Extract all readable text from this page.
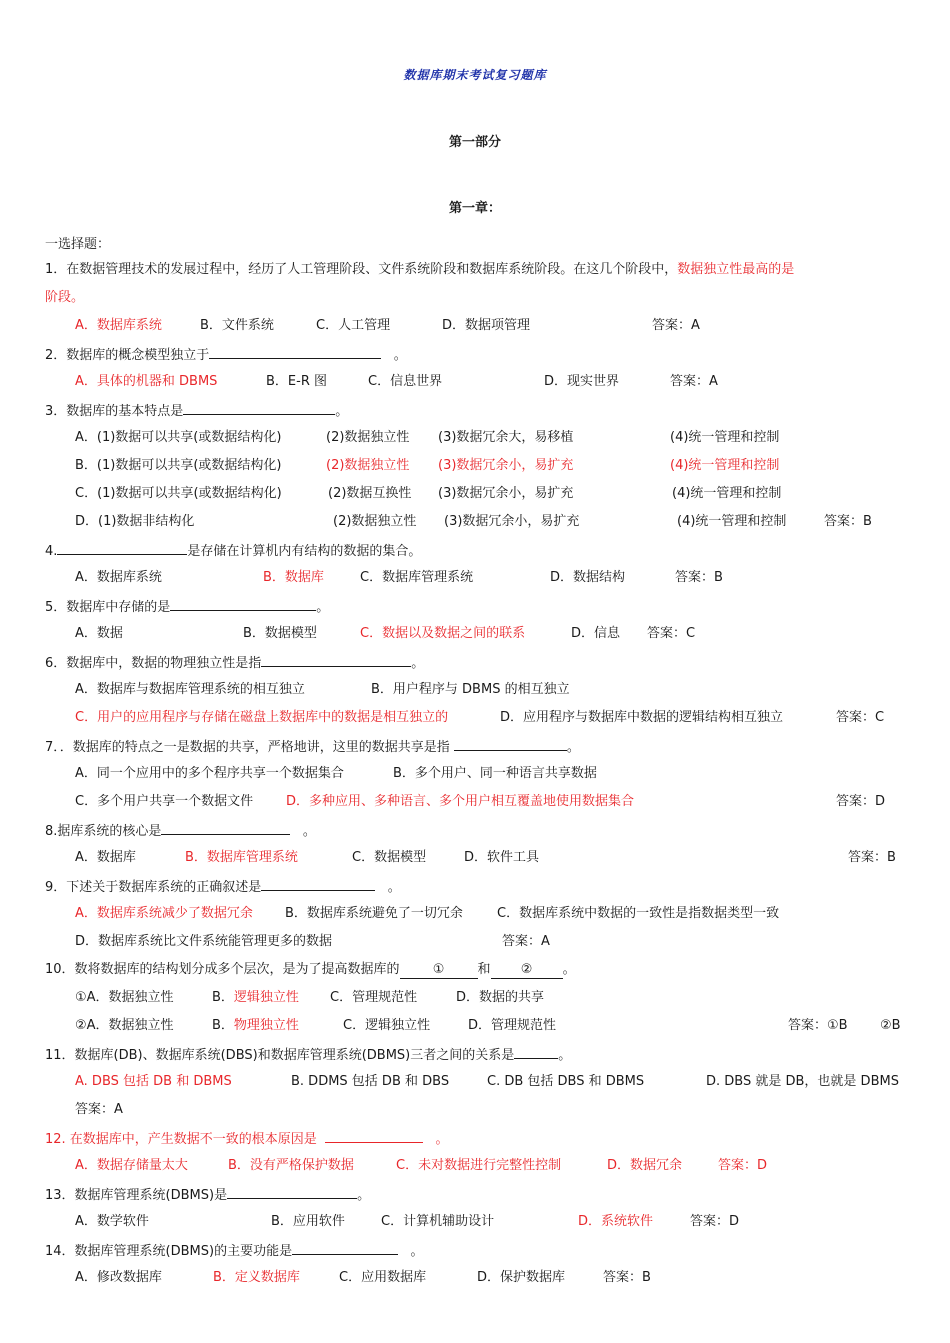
数据库期末考试复习题库
第一部分
第一章：
一选择题：
1．在数据管理技术的发展过程中，经历了人工管理阶段、文件系统阶段和数据库系统阶段。在这几个阶段中，数据独立性最高的是
阶段。
A．数据库系统	B．文件系统	C．人工管理	D．数据项管理	答案：A
2．数据库的概念模型独立于	。
A．具体的机器和 DBMS	B．E-R 图	C．信息世界	D．现实世界	答案：A
3．数据库的基本特点是	。
A．(1)数据可以共享(或数据结构化)	(2)数据独立性 (3)数据冗余大，易移植	(4)统一管理和控制
B．(1)数据可以共享(或数据结构化)	(2)数据独立性 (3)数据冗余小，易扩充	(4)统一管理和控制
C．(1)数据可以共享(或数据结构化)	(2)数据互换性 (3)数据冗余小，易扩充	(4)统一管理和控制
D．(1)数据非结构化	(2)数据独立性 (3)数据冗余小，易扩充	(4)统一管理和控制	答案：B
4.	是存储在计算机内有结构的数据的集合。
A．数据库系统	B．数据库	C．数据库管理系统	D．数据结构	答案：B
5．数据库中存储的是	。
A．数据	B．数据模型	C．数据以及数据之间的联系	D．信息 答案：C
6．数据库中，数据的物理独立性是指	。
A．数据库与数据库管理系统的相互独立	B．用户程序与 DBMS 的相互独立
C．用户的应用程序与存储在磁盘上数据库中的数据是相互独立的	D．应用程序与数据库中数据的逻辑结构相互独立	答案：C
7．．数据库的特点之一是数据的共享，严格地讲，这里的数据共享是指	。
A．同一个应用中的多个程序共享一个数据集合	B．多个用户、同一种语言共享数据
C．多个用户共享一个数据文件	D．多种应用、多种语言、多个用户相互覆盖地使用数据集合	答案：D
8.据库系统的核心是	。
A．数据库	B．数据库管理系统	C．数据模型	D．软件工具	答案：B
9．下述关于数据库系统的正确叙述是	。
A．数据库系统减少了数据冗余 B．数据库系统避免了一切冗余	C．数据库系统中数据的一致性是指数据类型一致
D．数据库系统比文件系统能管理更多的数据	答案：A
10．数将数据库的结构划分成多个层次，是为了提高数据库的	①	和 ② 。
①A．数据独立性	B．逻辑独立性 C．管理规范性	D．数据的共享
②A．数据独立性	B．物理独立性	C．逻辑独立性	D．管理规范性	答案：①B ②B
11．数据库(DB)、数据库系统(DBS)和数据库管理系统(DBMS)三者之间的关系是	。
A. DBS 包括 DB 和 DBMS	B. DDMS 包括 DB 和 DBS	C. DB 包括 DBS 和 DBMS	D. DBS 就是 DB，也就是 DBMS
答案：A
12. 在数据库中，产生数据不一致的根本原因是	。
A．数据存储量太大	B．没有严格保护数据	C．未对数据进行完整性控制	D．数据冗余	答案：D
13．数据库管理系统(DBMS)是	。
A．数学软件	B．应用软件	C．计算机辅助设计	D．系统软件	答案：D
14．数据库管理系统(DBMS)的主要功能是	。
A．修改数据库	B．定义数据库	C．应用数据库	D．保护数据库	答案：B
